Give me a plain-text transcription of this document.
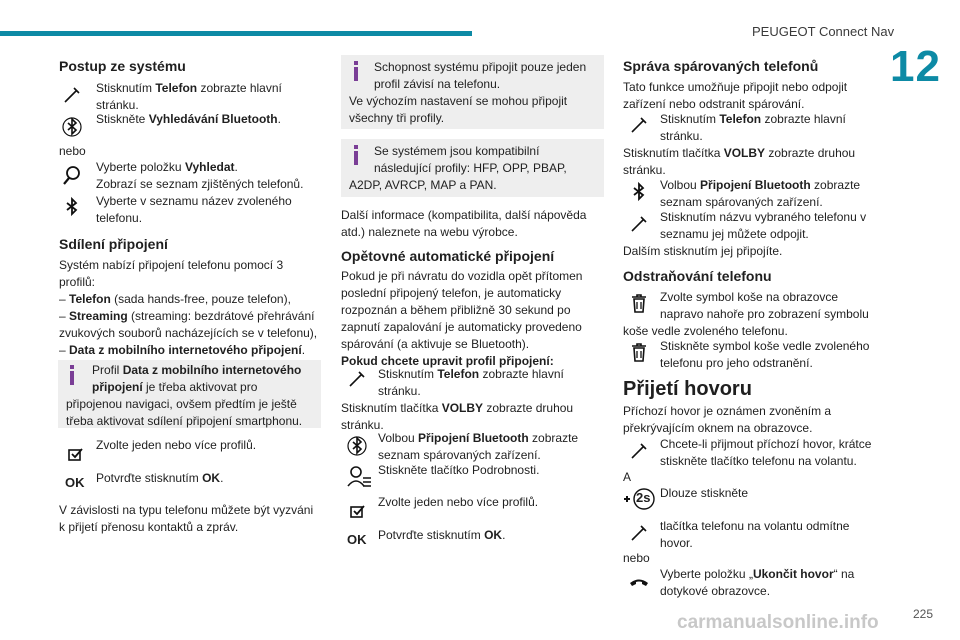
PEUGEOT Connect Nav
12
Postup ze systému
Stisknutím Telefon zobrazte hlavní
stránku.
Stiskněte Vyhledávání Bluetooth.
nebo
Vyberte položku Vyhledat.
Zobrazí se seznam zjištěných telefonů.
Vyberte v seznamu název zvoleného
telefonu.
Sdílení připojení
Systém nabízí připojení telefonu pomocí 3
profilů:
– Telefon (sada hands-free, pouze telefon),
– Streaming (streaming: bezdrátové přehrávání
zvukových souborů nacházejících se v telefonu),
– Data z mobilního internetového připojení.
Profil Data z mobilního internetového
připojení je třeba aktivovat pro
připojenou navigaci, ovšem předtím je ještě
třeba aktivovat sdílení připojení smartphonu.
Zvolte jeden nebo více profilů.
OK Potvrďte stisknutím OK.
V závislosti na typu telefonu můžete být vyzváni
k přijetí přenosu kontaktů a zpráv.
Schopnost systému připojit pouze jeden
profil závisí na telefonu.
Ve výchozím nastavení se mohou připojit
všechny tři profily.
Se systémem jsou kompatibilní
následující profily: HFP, OPP, PBAP,
A2DP, AVRCP, MAP a PAN.
Další informace (kompatibilita, další nápověda
atd.) naleznete na webu výrobce.
Opětovné automatické připojení
Pokud je při návratu do vozidla opět přítomen
poslední připojený telefon, je automaticky
rozpoznán a během přibližně 30 sekund po
zapnutí zapalování je automaticky provedeno
spárování (a aktivuje se Bluetooth).
Pokud chcete upravit profil připojení:
Stisknutím Telefon zobrazte hlavní
stránku.
Stisknutím tlačítka VOLBY zobrazte druhou
stránku.
Volbou Připojení Bluetooth zobrazte
seznam spárovaných zařízení.
Stiskněte tlačítko Podrobnosti.
Zvolte jeden nebo více profilů.
OK Potvrďte stisknutím OK.
Správa spárovaných telefonů
Tato funkce umožňuje připojit nebo odpojit
zařízení nebo odstranit spárování.
Stisknutím Telefon zobrazte hlavní
stránku.
Stisknutím tlačítka VOLBY zobrazte druhou
stránku.
Volbou Připojení Bluetooth zobrazte
seznam spárovaných zařízení.
Stisknutím názvu vybraného telefonu v
seznamu jej můžete odpojit.
Dalším stisknutím jej připojíte.
Odstraňování telefonu
Zvolte symbol koše na obrazovce
napravo nahoře pro zobrazení symbolu
koše vedle zvoleného telefonu.
Stiskněte symbol koše vedle zvoleného
telefonu pro jeho odstranění.
Přijetí hovoru
Příchozí hovor je oznámen zvoněním a
překrývajícím oknem na obrazovce.
Chcete-li přijmout příchozí hovor, krátce
stiskněte tlačítko telefonu na volantu.
A
2s Dlouze stiskněte
tlačítka telefonu na volantu odmítne
hovor.
nebo
Vyberte položku „Ukončit hovor“ na
dotykové obrazovce.
225
carmanualsonline.info
